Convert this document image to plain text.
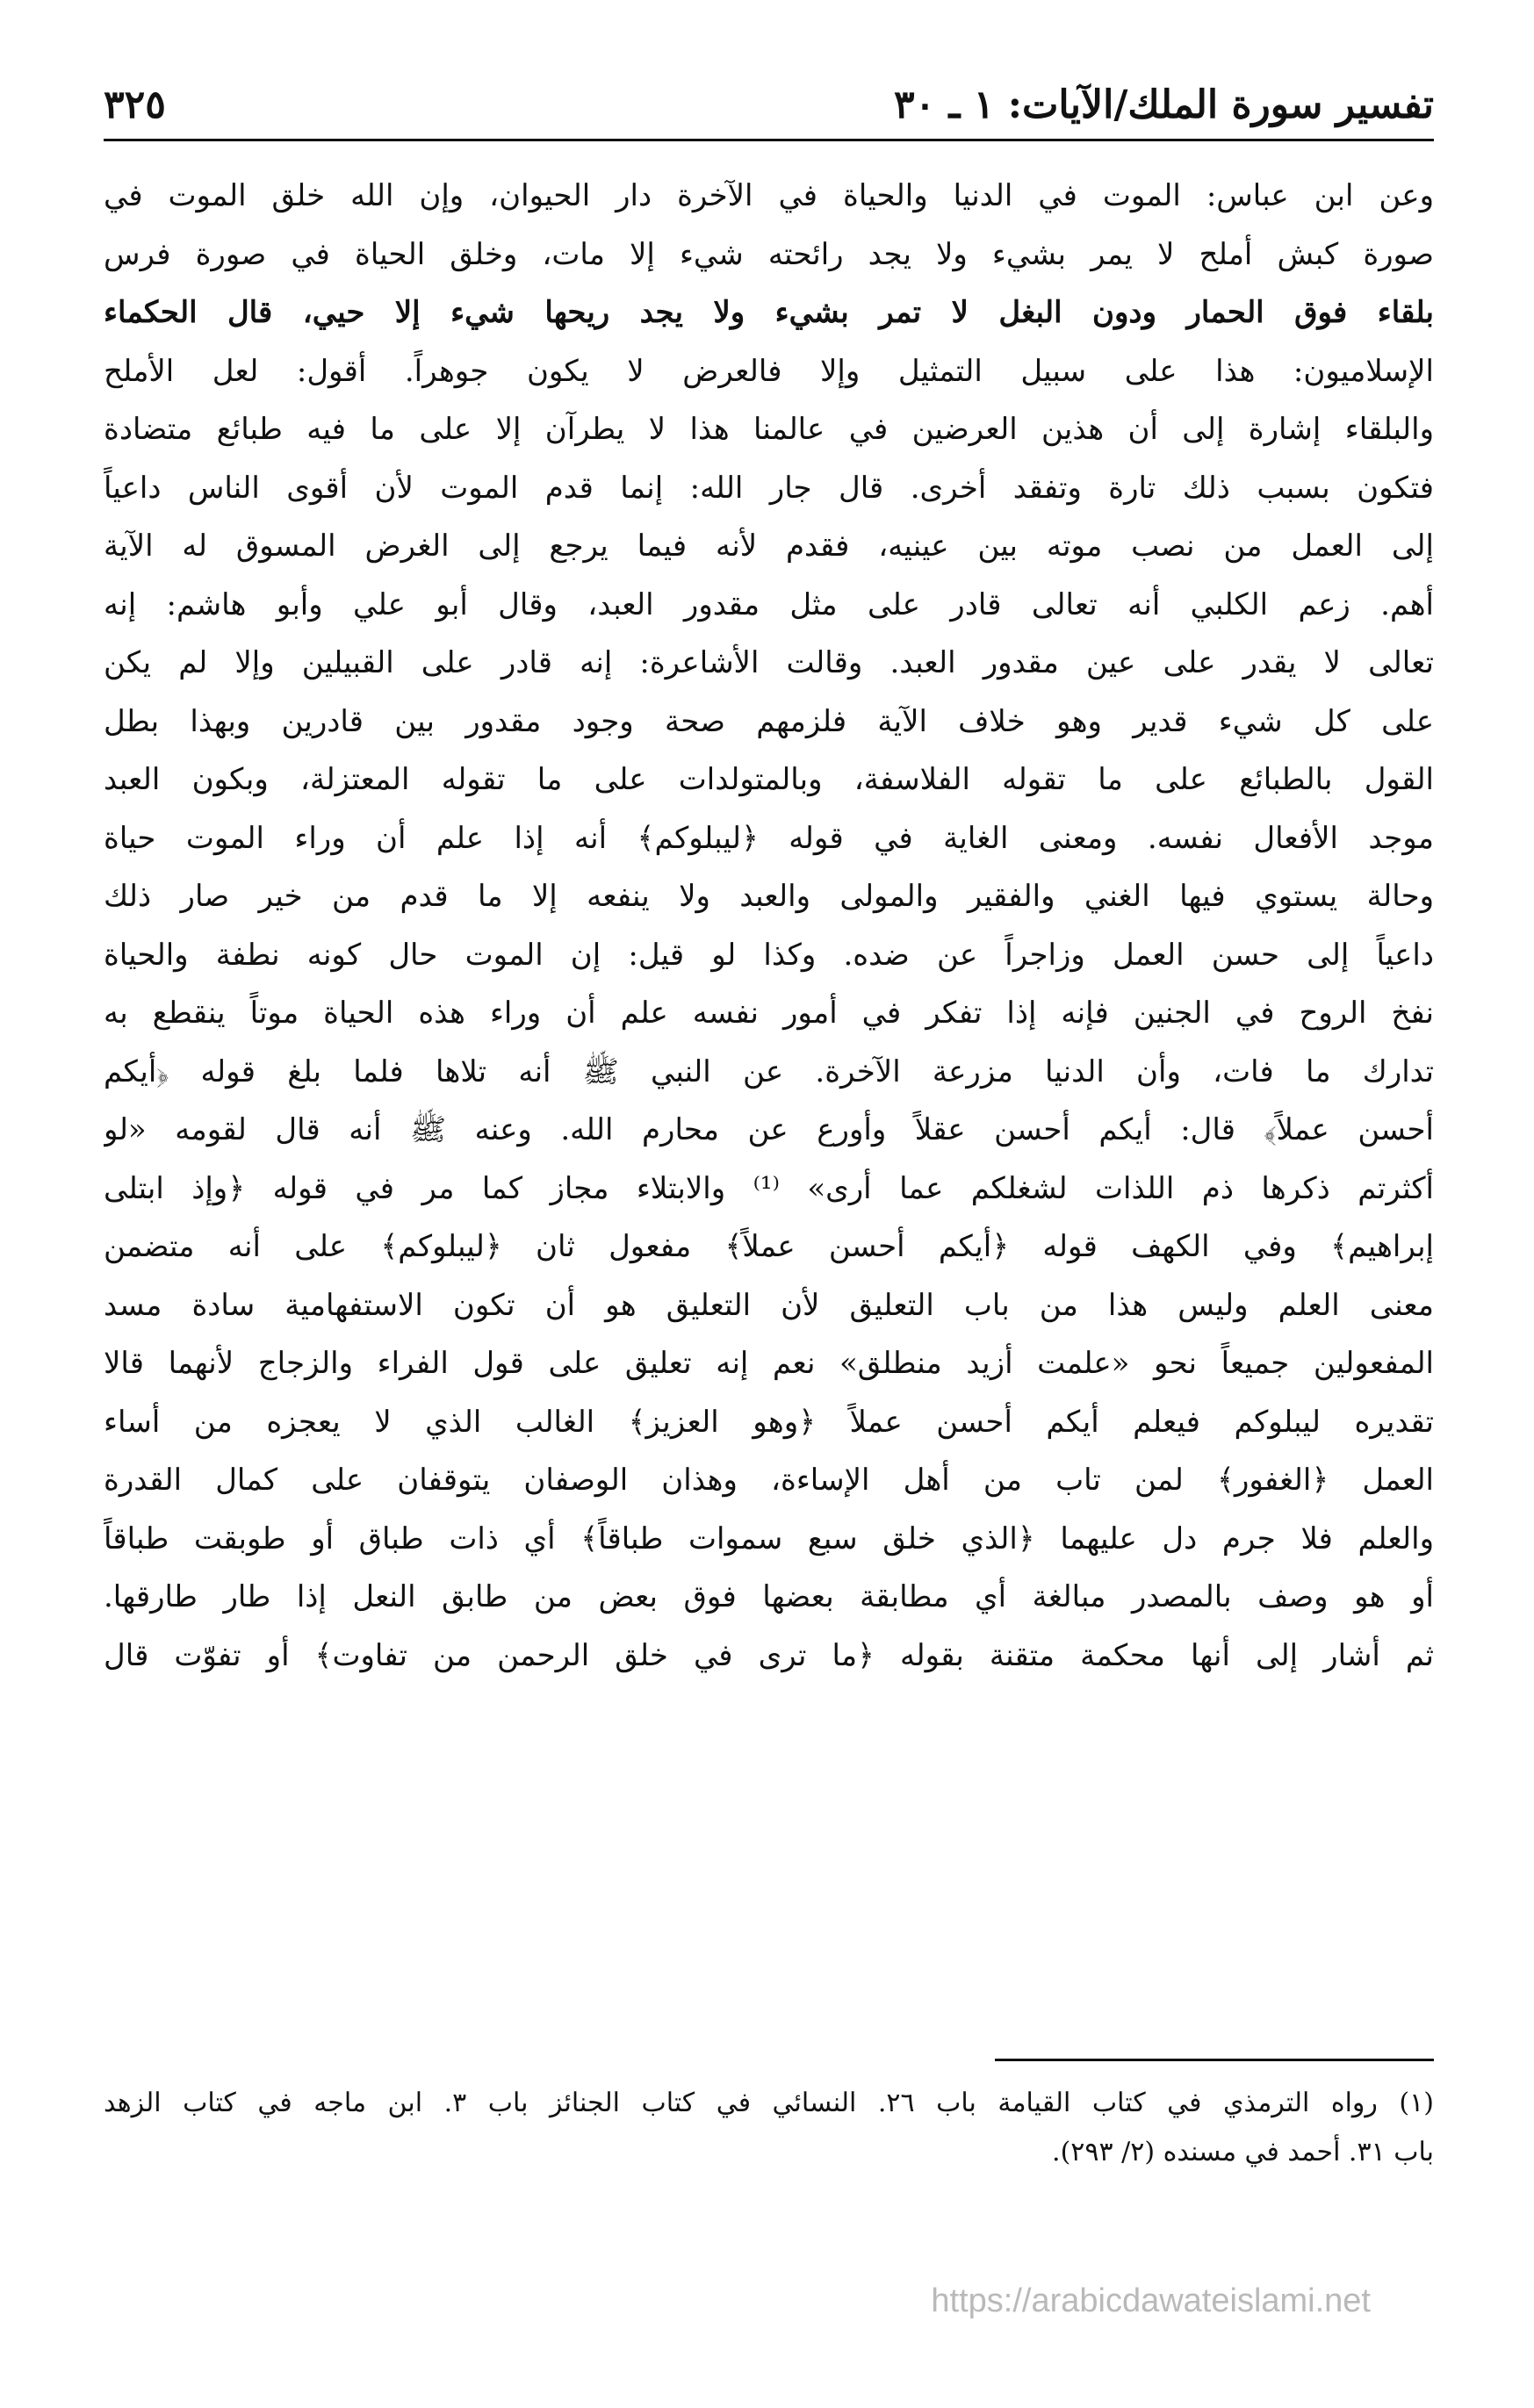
تفسير سورة الملك/الآيات: ١ ـ ٣٠
٣٢٥
وعن ابن عباس: الموت في الدنيا والحياة في الآخرة دار الحيوان، وإن الله خلق الموت في
صورة كبش أملح لا يمر بشيء ولا يجد رائحته شيء إلا مات، وخلق الحياة في صورة فرس
بلقاء فوق الحمار ودون البغل لا تمر بشيء ولا يجد ريحها شيء إلا حيي، قال الحكماء
الإسلاميون: هذا على سبيل التمثيل وإلا فالعرض لا يكون جوهراً. أقول: لعل الأملح
والبلقاء إشارة إلى أن هذين العرضين في عالمنا هذا لا يطرآن إلا على ما فيه طبائع متضادة
فتكون بسبب ذلك تارة وتفقد أخرى. قال جار الله: إنما قدم الموت لأن أقوى الناس داعياً
إلى العمل من نصب موته بين عينيه، فقدم لأنه فيما يرجع إلى الغرض المسوق له الآية
أهم. زعم الكلبي أنه تعالى قادر على مثل مقدور العبد، وقال أبو علي وأبو هاشم: إنه
تعالى لا يقدر على عين مقدور العبد. وقالت الأشاعرة: إنه قادر على القبيلين وإلا لم يكن
على كل شيء قدير وهو خلاف الآية فلزمهم صحة وجود مقدور بين قادرين وبهذا بطل
القول بالطبائع على ما تقوله الفلاسفة، وبالمتولدات على ما تقوله المعتزلة، وبكون العبد
موجد الأفعال نفسه. ومعنى الغاية في قوله ﴿ليبلوكم﴾ أنه إذا علم أن وراء الموت حياة
وحالة يستوي فيها الغني والفقير والمولى والعبد ولا ينفعه إلا ما قدم من خير صار ذلك
داعياً إلى حسن العمل وزاجراً عن ضده. وكذا لو قيل: إن الموت حال كونه نطفة والحياة
نفخ الروح في الجنين فإنه إذا تفكر في أمور نفسه علم أن وراء هذه الحياة موتاً ينقطع به
تدارك ما فات، وأن الدنيا مزرعة الآخرة. عن النبي ﷺ أنه تلاها فلما بلغ قوله ﴿أيكم
أحسن عملاً﴾ قال: أيكم أحسن عقلاً وأورع عن محارم الله. وعنه ﷺ أنه قال لقومه «لو
أكثرتم ذكرها ذم اللذات لشغلكم عما أرى» ⁽¹⁾ والابتلاء مجاز كما مر في قوله ﴿وإذ ابتلى
إبراهيم﴾ وفي الكهف قوله ﴿أيكم أحسن عملاً﴾ مفعول ثان ﴿ليبلوكم﴾ على أنه متضمن
معنى العلم وليس هذا من باب التعليق لأن التعليق هو أن تكون الاستفهامية سادة مسد
المفعولين جميعاً نحو «علمت أزيد منطلق» نعم إنه تعليق على قول الفراء والزجاج لأنهما قالا
تقديره ليبلوكم فيعلم أيكم أحسن عملاً ﴿وهو العزيز﴾ الغالب الذي لا يعجزه من أساء
العمل ﴿الغفور﴾ لمن تاب من أهل الإساءة، وهذان الوصفان يتوقفان على كمال القدرة
والعلم فلا جرم دل عليهما ﴿الذي خلق سبع سموات طباقاً﴾ أي ذات طباق أو طوبقت طباقاً
أو هو وصف بالمصدر مبالغة أي مطابقة بعضها فوق بعض من طابق النعل إذا طار طارقها.
ثم أشار إلى أنها محكمة متقنة بقوله ﴿ما ترى في خلق الرحمن من تفاوت﴾ أو تفوّت قال
(١) رواه الترمذي في كتاب القيامة باب ٢٦. النسائي في كتاب الجنائز باب ٣. ابن ماجه في كتاب الزهد
باب ٣١. أحمد في مسنده (٢/ ٢٩٣).
https://arabicdawateislami.net
